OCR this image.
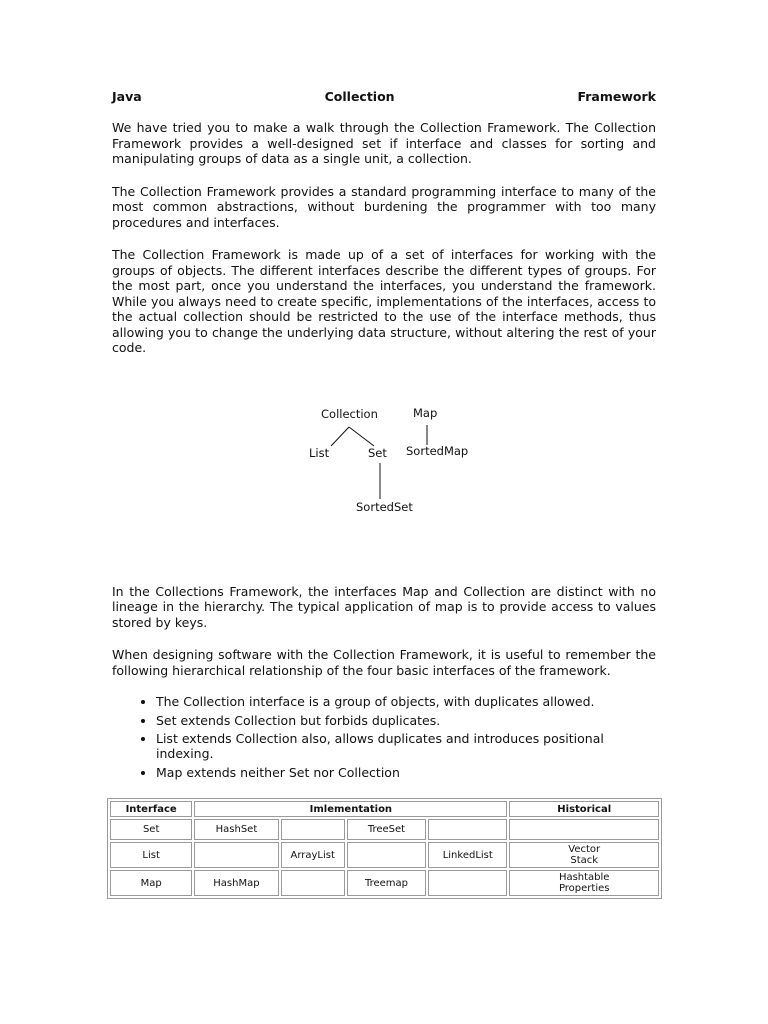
Java	Collection	Framework

We have tried you to make a walk through the Collection Framework. The Collection Framework provides a well-designed set if interface and classes for sorting and manipulating groups of data as a single unit, a collection.

The Collection Framework provides a standard programming interface to many of the most common abstractions, without burdening the programmer with too many procedures and interfaces.

The Collection Framework is made up of a set of interfaces for working with the groups of objects. The different interfaces describe the different types of groups. For the most part, once you understand the interfaces, you understand the framework. While you always need to create specific, implementations of the interfaces, access to the actual collection should be restricted to the use of the interface methods, thus allowing you to change the underlying data structure, without altering the rest of your code.

Collection	Map
List	Set SortedMap
SortedSet

In the Collections Framework, the interfaces Map and Collection are distinct with no lineage in the hierarchy. The typical application of map is to provide access to values stored by keys.

When designing software with the Collection Framework, it is useful to remember the following hierarchical relationship of the four basic interfaces of the framework.

• The Collection interface is a group of objects, with duplicates allowed.
• Set extends Collection but forbids duplicates.
• List extends Collection also, allows duplicates and introduces positional indexing.
• Map extends neither Set nor Collection
Interface	Imlementation				Historical
Set	HashSet		TreeSet		

List		ArrayList		LinkedList	Vector
Stack

Map	HashMap		Treemap		Hashtable
Properties
